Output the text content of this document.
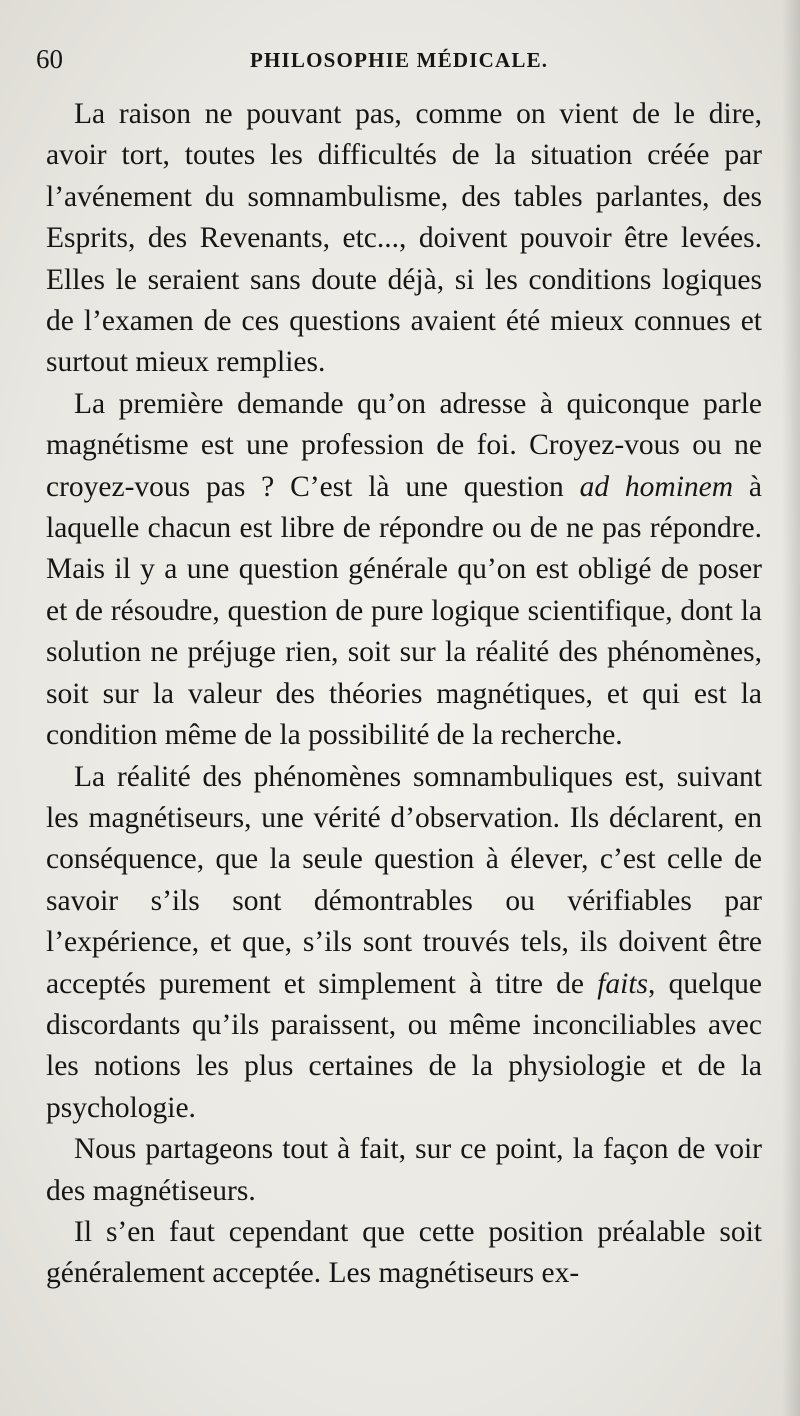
60	PHILOSOPHIE MÉDICALE.

La raison ne pouvant pas, comme on vient de le dire, avoir tort, toutes les difficultés de la situation créée par l’avénement du somnambulisme, des tables parlantes, des Esprits, des Revenants, etc..., doivent pouvoir être levées. Elles le seraient sans doute déjà, si les conditions logiques de l’examen de ces questions avaient été mieux connues et surtout mieux remplies.

La première demande qu’on adresse à quiconque parle magnétisme est une profession de foi. Croyez-vous ou ne croyez-vous pas ? C’est là une question ad hominem à laquelle chacun est libre de répondre ou de ne pas répondre. Mais il y a une question générale qu’on est obligé de poser et de résoudre, question de pure logique scientifique, dont la solution ne préjuge rien, soit sur la réalité des phénomènes, soit sur la valeur des théories magnétiques, et qui est la condition même de la possibilité de la recherche.

La réalité des phénomènes somnambuliques est, suivant les magnétiseurs, une vérité d’observation. Ils déclarent, en conséquence, que la seule question à élever, c’est celle de savoir s’ils sont démontrables ou vérifiables par l’expérience, et que, s’ils sont trouvés tels, ils doivent être acceptés purement et simplement à titre de faits, quelque discordants qu’ils paraissent, ou même inconciliables avec les notions les plus certaines de la physiologie et de la psychologie.

Nous partageons tout à fait, sur ce point, la façon de voir des magnétiseurs.

Il s’en faut cependant que cette position préalable soit généralement acceptée. Les magnétiseurs ex-
